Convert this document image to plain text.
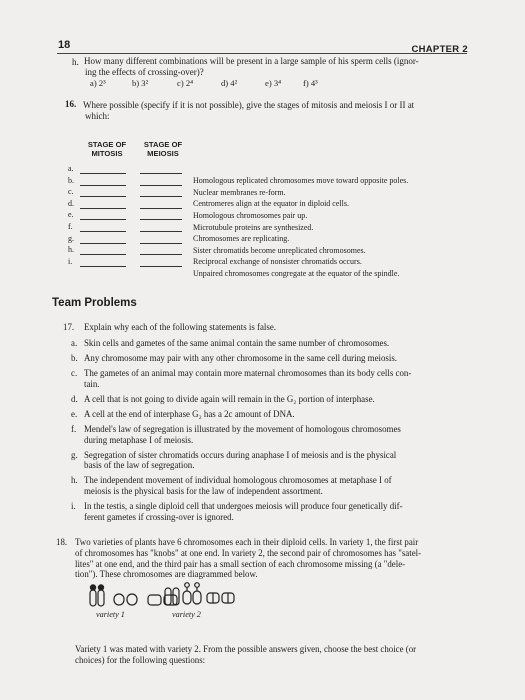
18	CHAPTER 2
h. How many different combinations will be present in a large sample of his sperm cells (ignor-
ing the effects of crossing-over)?
a) 2³	b) 3²	c) 2⁴	d) 4²	e) 3⁴	f) 4³
16. Where possible (specify if it is not possible), give the stages of mitosis and meiosis I or II at
which:
STAGE OF
MITOSIS
STAGE OF
MEIOSIS
a.
b.	Homologous replicated chromosomes move toward opposite poles.
c.	Nuclear membranes re-form.
d.	Centromeres align at the equator in diploid cells.
e.	Homologous chromosomes pair up.
f.	Microtubule proteins are synthesized.
g.	Chromosomes are replicating.
h.	Sister chromatids become unreplicated chromosomes.
i.	Reciprocal exchange of nonsister chromatids occurs.
Unpaired chromosomes congregate at the equator of the spindle.
Team Problems
17. Explain why each of the following statements is false.
a. Skin cells and gametes of the same animal contain the same number of chromosomes.
b. Any chromosome may pair with any other chromosome in the same cell during meiosis.
c. The gametes of an animal may contain more maternal chromosomes than its body cells con-
tain.
d. A cell that is not going to divide again will remain in the G₂ portion of interphase.
e. A cell at the end of interphase G₂ has a 2c amount of DNA.
f. Mendel's law of segregation is illustrated by the movement of homologous chromosomes
during metaphase I of meiosis.
g. Segregation of sister chromatids occurs during anaphase I of meiosis and is the physical
basis of the law of segregation.
h. The independent movement of individual homologous chromosomes at metaphase I of
meiosis is the physical basis for the law of independent assortment.
i. In the testis, a single diploid cell that undergoes meiosis will produce four genetically dif-
ferent gametes if crossing-over is ignored.
18. Two varieties of plants have 6 chromosomes each in their diploid cells. In variety 1, the first pair
of chromosomes has "knobs" at one end. In variety 2, the second pair of chromosomes has "satel-
lites" at one end, and the third pair has a small section of each chromosome missing (a "dele-
tion"). These chromosomes are diagrammed below.
variety 1	variety 2
Variety 1 was mated with variety 2. From the possible answers given, choose the best choice (or
choices) for the following questions:
